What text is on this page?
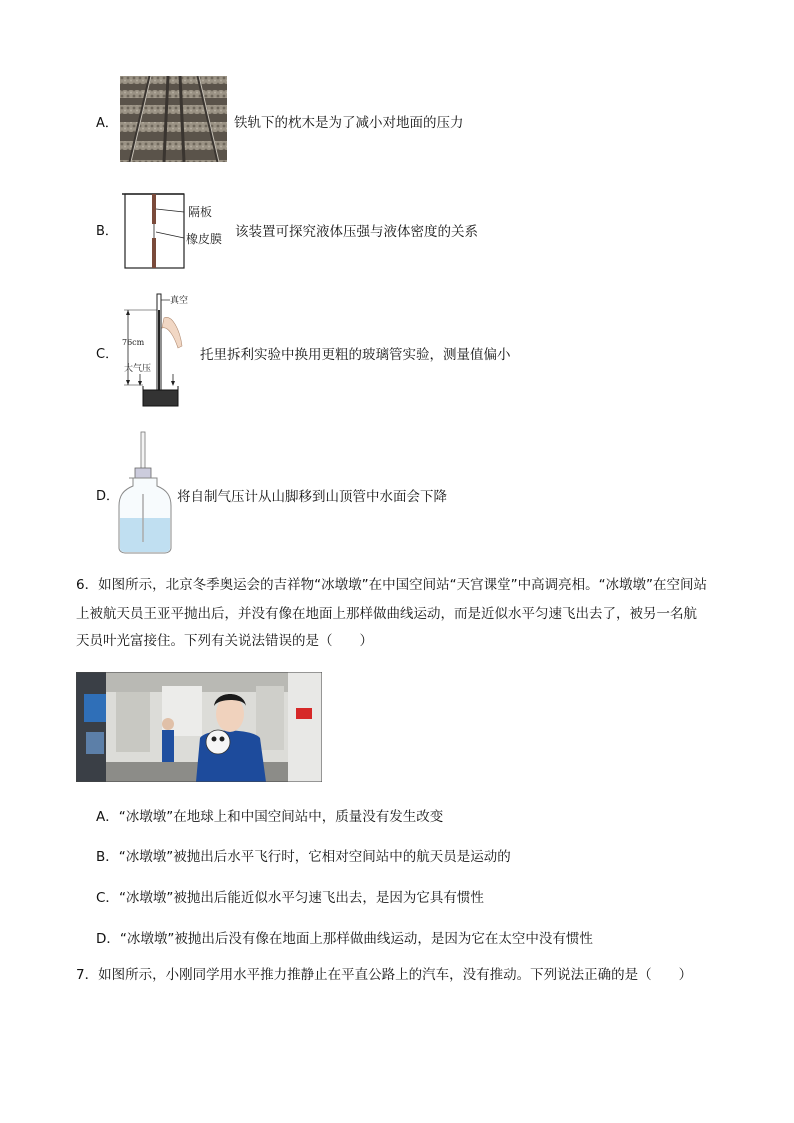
A．	铁轨下的枕木是为了减小对地面的压力
B．
隔板
橡皮膜 该装置可探究液体压强与液体密度的关系
C．
真空
76cm
大气压
托里拆利实验中换用更粗的玻璃管实验，测量值偏小
D．	将自制气压计从山脚移到山顶管中水面会下降
6．如图所示，北京冬季奥运会的吉祥物“冰墩墩”在中国空间站“天宫课堂”中高调亮相。“冰墩墩”在空间站
上被航天员王亚平抛出后，并没有像在地面上那样做曲线运动，而是近似水平匀速飞出去了，被另一名航
天员叶光富接住。下列有关说法错误的是（　　）
A．“冰墩墩”在地球上和中国空间站中，质量没有发生改变
B．“冰墩墩”被抛出后水平飞行时，它相对空间站中的航天员是运动的
C．“冰墩墩”被抛出后能近似水平匀速飞出去，是因为它具有惯性
D．“冰墩墩”被抛出后没有像在地面上那样做曲线运动，是因为它在太空中没有惯性
7．如图所示，小刚同学用水平推力推静止在平直公路上的汽车，没有推动。下列说法正确的是（　　）
